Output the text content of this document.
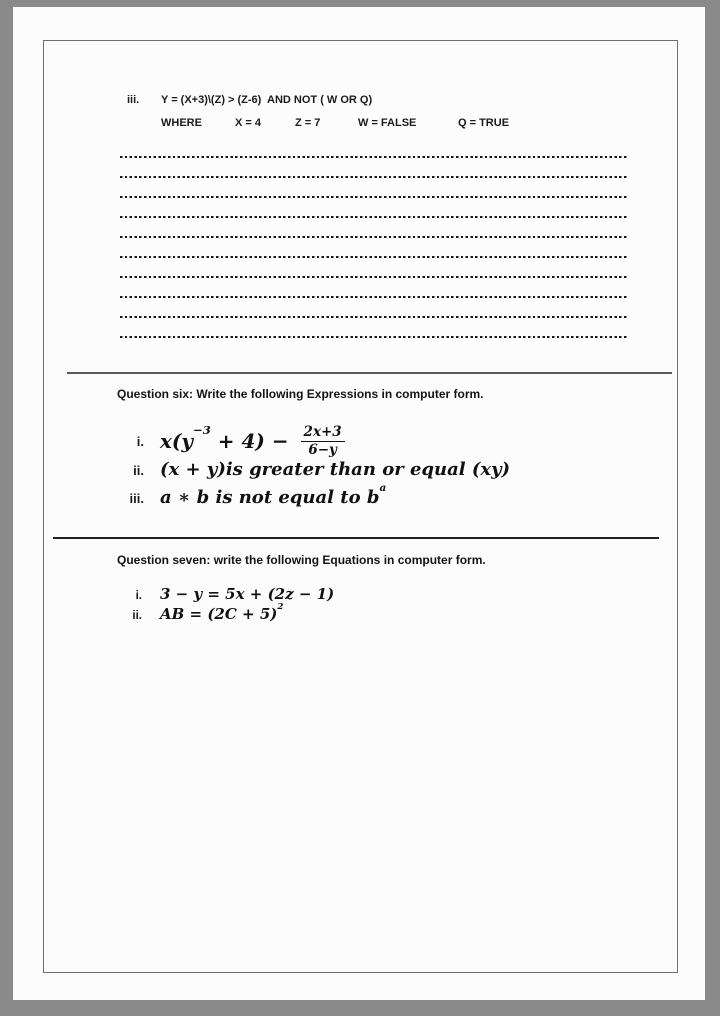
iii. Y = (X+3)\(Z) > (Z-6)  AND NOT ( W OR Q)
WHERE	X = 4	Z = 7	W = FALSE	Q = TRUE
Question six: Write the following Expressions in computer form.
i. $x(y^{-3} + 4) - \frac{2x+3}{6-y}$
ii. (x + y)is greater than or equal (xy)
iii. a ∗ b is not equal to $b^a$
Question seven: write the following Equations in computer form.
i. 3 − y = 5x + (2z − 1)
ii. AB = $(2C + 5)^2$
